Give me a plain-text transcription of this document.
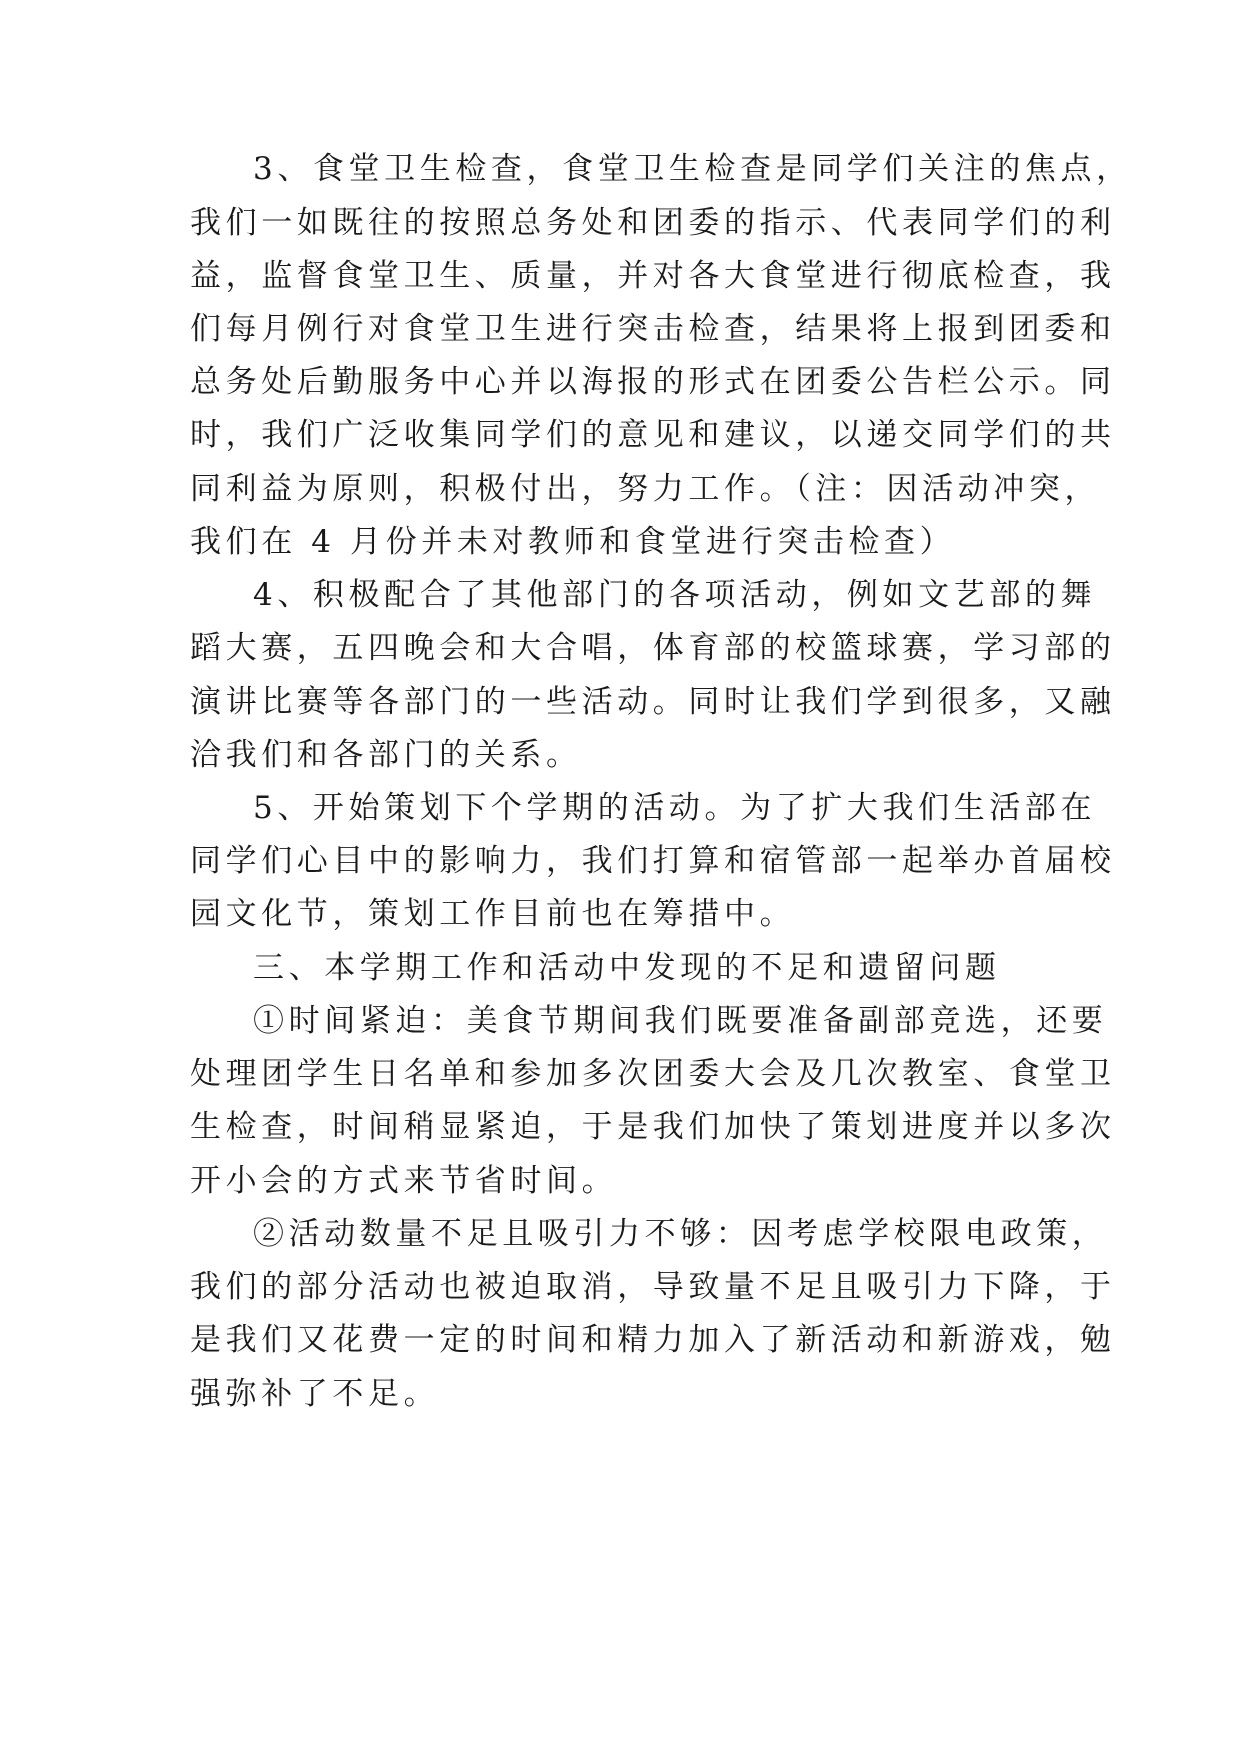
3、食堂卫生检查，食堂卫生检查是同学们关注的焦点，
我们一如既往的按照总务处和团委的指示、代表同学们的利
益，监督食堂卫生、质量，并对各大食堂进行彻底检查，我
们每月例行对食堂卫生进行突击检查，结果将上报到团委和
总务处后勤服务中心并以海报的形式在团委公告栏公示。同
时，我们广泛收集同学们的意见和建议，以递交同学们的共
同利益为原则，积极付出，努力工作。（注：因活动冲突，
我们在 4 月份并未对教师和食堂进行突击检查）
4、积极配合了其他部门的各项活动，例如文艺部的舞
蹈大赛，五四晚会和大合唱，体育部的校篮球赛，学习部的
演讲比赛等各部门的一些活动。同时让我们学到很多，又融
洽我们和各部门的关系。
5、开始策划下个学期的活动。为了扩大我们生活部在
同学们心目中的影响力，我们打算和宿管部一起举办首届校
园文化节，策划工作目前也在筹措中。
三、本学期工作和活动中发现的不足和遗留问题
①时间紧迫：美食节期间我们既要准备副部竞选，还要
处理团学生日名单和参加多次团委大会及几次教室、食堂卫
生检查，时间稍显紧迫，于是我们加快了策划进度并以多次
开小会的方式来节省时间。
②活动数量不足且吸引力不够：因考虑学校限电政策，
我们的部分活动也被迫取消，导致量不足且吸引力下降，于
是我们又花费一定的时间和精力加入了新活动和新游戏，勉
强弥补了不足。
